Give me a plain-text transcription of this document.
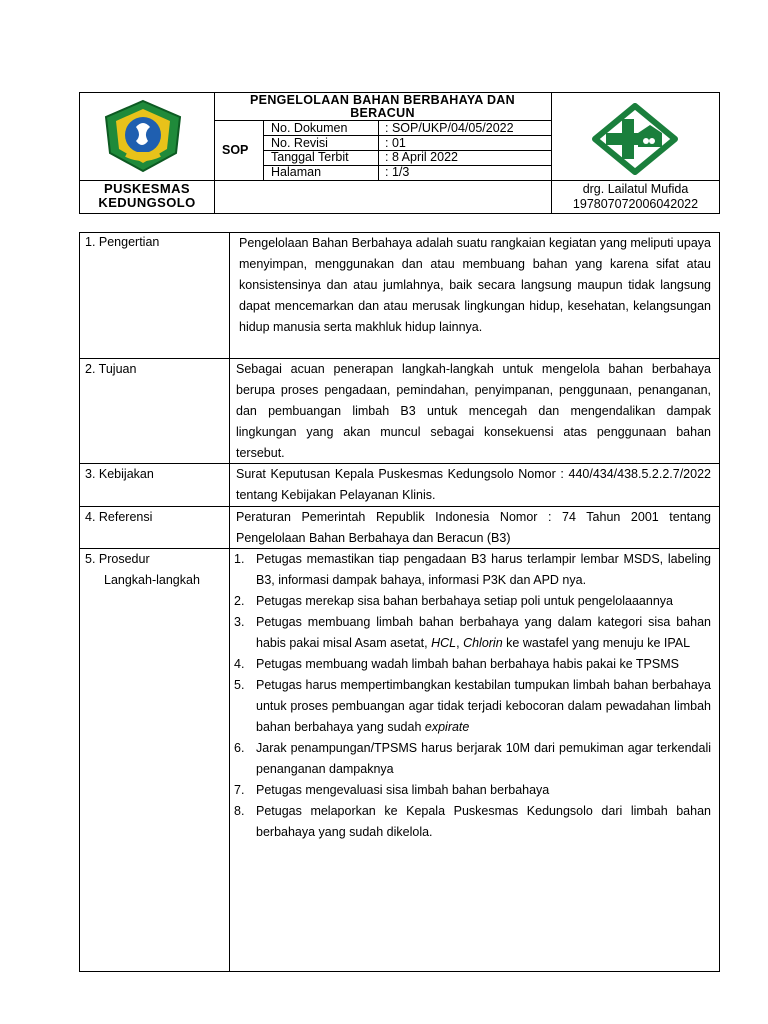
PENGELOLAAN BAHAN BERBAHAYA DAN BERACUN
SOP
No. Dokumen	: SOP/UKP/04/05/2022
No. Revisi	: 01
Tanggal Terbit	: 8 April 2022
Halaman	: 1/3
PUSKESMAS
KEDUNGSOLO
drg. Lailatul Mufida
197807072006042022
1. Pengertian	Pengelolaan Bahan Berbahaya adalah suatu rangkaian kegiatan yang meliputi upaya menyimpan, menggunakan dan atau membuang bahan yang karena sifat atau konsistensinya dan atau jumlahnya, baik secara langsung maupun tidak langsung dapat mencemarkan dan atau merusak lingkungan hidup, kesehatan, kelangsungan hidup manusia serta makhluk hidup lainnya.
2. Tujuan	Sebagai acuan penerapan langkah-langkah untuk mengelola bahan berbahaya berupa proses pengadaan, pemindahan, penyimpanan, penggunaan, penanganan, dan pembuangan limbah B3 untuk mencegah dan mengendalikan dampak lingkungan yang akan muncul sebagai konsekuensi atas penggunaan bahan tersebut.
3. Kebijakan	Surat Keputusan Kepala Puskesmas Kedungsolo Nomor : 440/434/438.5.2.2.7/2022 tentang Kebijakan Pelayanan Klinis.
4. Referensi	Peraturan Pemerintah Republik Indonesia Nomor : 74 Tahun 2001 tentang Pengelolaan Bahan Berbahaya dan Beracun (B3)
5. Prosedur
Langkah-langkah
1. Petugas memastikan tiap pengadaan B3 harus terlampir lembar MSDS, labeling B3, informasi dampak bahaya, informasi P3K dan APD nya.
2. Petugas merekap sisa bahan berbahaya setiap poli untuk pengelolaaannya
3. Petugas membuang limbah bahan berbahaya yang dalam kategori sisa bahan habis pakai misal Asam asetat, HCL, Chlorin ke wastafel yang menuju ke IPAL
4. Petugas membuang wadah limbah bahan berbahaya habis pakai ke TPSMS
5. Petugas harus mempertimbangkan kestabilan tumpukan limbah bahan berbahaya untuk proses pembuangan agar tidak terjadi kebocoran dalam pewadahan limbah bahan berbahaya yang sudah expirate
6. Jarak penampungan/TPSMS harus berjarak 10M dari pemukiman agar terkendali penanganan dampaknya
7. Petugas mengevaluasi sisa limbah bahan berbahaya
8. Petugas melaporkan ke Kepala Puskesmas Kedungsolo dari limbah bahan berbahaya yang sudah dikelola.
